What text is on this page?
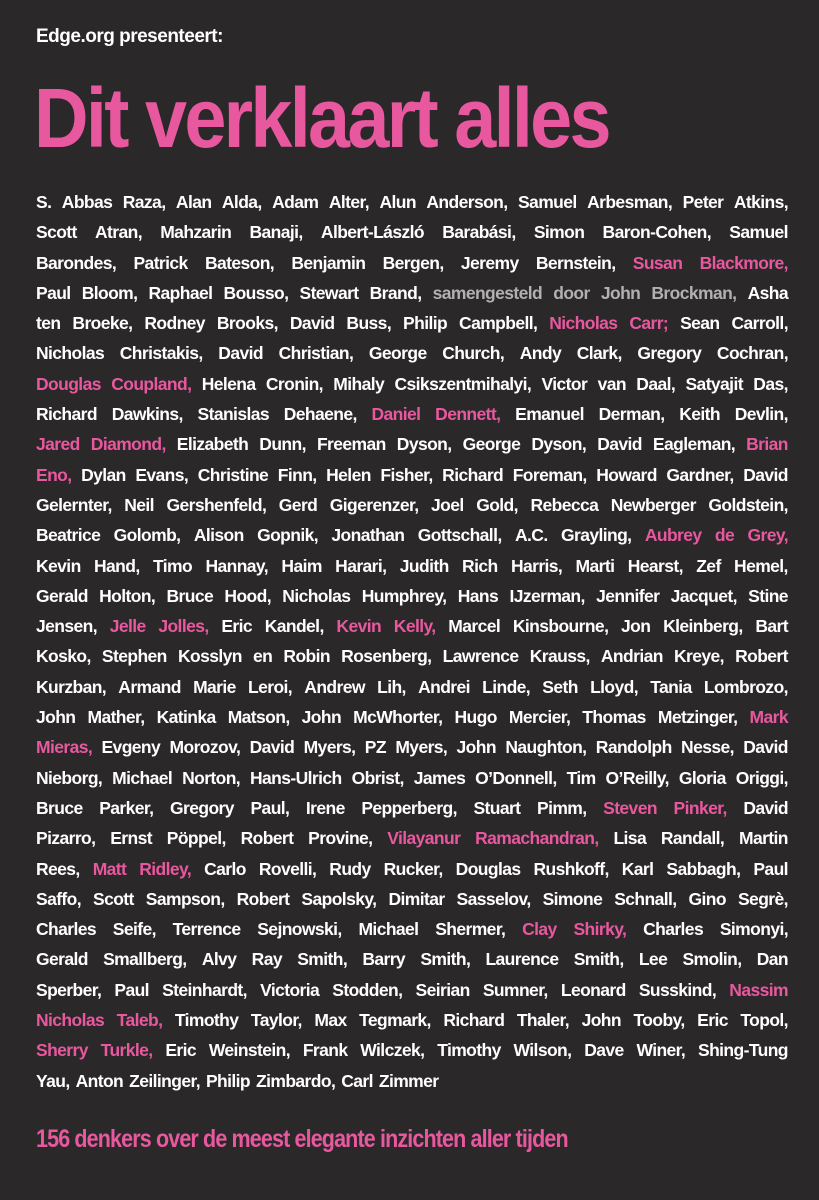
Edge.org presenteert:
Dit verklaart alles
S. Abbas Raza, Alan Alda, Adam Alter, Alun Anderson, Samuel Arbesman, Peter Atkins,
Scott Atran, Mahzarin Banaji, Albert-László Barabási, Simon Baron-Cohen, Samuel
Barondes, Patrick Bateson, Benjamin Bergen, Jeremy Bernstein, Susan Blackmore,
Paul Bloom, Raphael Bousso, Stewart Brand, samengesteld door John Brockman, Asha
ten Broeke, Rodney Brooks, David Buss, Philip Campbell, Nicholas Carr; Sean Carroll,
Nicholas Christakis, David Christian, George Church, Andy Clark, Gregory Cochran,
Douglas Coupland, Helena Cronin, Mihaly Csikszentmihalyi, Victor van Daal, Satyajit Das,
Richard Dawkins, Stanislas Dehaene, Daniel Dennett, Emanuel Derman, Keith Devlin,
Jared Diamond, Elizabeth Dunn, Freeman Dyson, George Dyson, David Eagleman, Brian
Eno, Dylan Evans, Christine Finn, Helen Fisher, Richard Foreman, Howard Gardner, David
Gelernter, Neil Gershenfeld, Gerd Gigerenzer, Joel Gold, Rebecca Newberger Goldstein,
Beatrice Golomb, Alison Gopnik, Jonathan Gottschall, A.C. Grayling, Aubrey de Grey,
Kevin Hand, Timo Hannay, Haim Harari, Judith Rich Harris, Marti Hearst, Zef Hemel,
Gerald Holton, Bruce Hood, Nicholas Humphrey, Hans IJzerman, Jennifer Jacquet, Stine
Jensen, Jelle Jolles, Eric Kandel, Kevin Kelly, Marcel Kinsbourne, Jon Kleinberg, Bart
Kosko, Stephen Kosslyn en Robin Rosenberg, Lawrence Krauss, Andrian Kreye, Robert
Kurzban, Armand Marie Leroi, Andrew Lih, Andrei Linde, Seth Lloyd, Tania Lombrozo,
John Mather, Katinka Matson, John McWhorter, Hugo Mercier, Thomas Metzinger, Mark
Mieras, Evgeny Morozov, David Myers, PZ Myers, John Naughton, Randolph Nesse, David
Nieborg, Michael Norton, Hans-Ulrich Obrist, James O’Donnell, Tim O’Reilly, Gloria Origgi,
Bruce Parker, Gregory Paul, Irene Pepperberg, Stuart Pimm, Steven Pinker, David
Pizarro, Ernst Pöppel, Robert Provine, Vilayanur Ramachandran, Lisa Randall, Martin
Rees, Matt Ridley, Carlo Rovelli, Rudy Rucker, Douglas Rushkoff, Karl Sabbagh, Paul
Saffo, Scott Sampson, Robert Sapolsky, Dimitar Sasselov, Simone Schnall, Gino Segrè,
Charles Seife, Terrence Sejnowski, Michael Shermer, Clay Shirky, Charles Simonyi,
Gerald Smallberg, Alvy Ray Smith, Barry Smith, Laurence Smith, Lee Smolin, Dan
Sperber, Paul Steinhardt, Victoria Stodden, Seirian Sumner, Leonard Susskind, Nassim
Nicholas Taleb, Timothy Taylor, Max Tegmark, Richard Thaler, John Tooby, Eric Topol,
Sherry Turkle, Eric Weinstein, Frank Wilczek, Timothy Wilson, Dave Winer, Shing-Tung
Yau, Anton Zeilinger, Philip Zimbardo, Carl Zimmer
156 denkers over de meest elegante inzichten aller tijden
